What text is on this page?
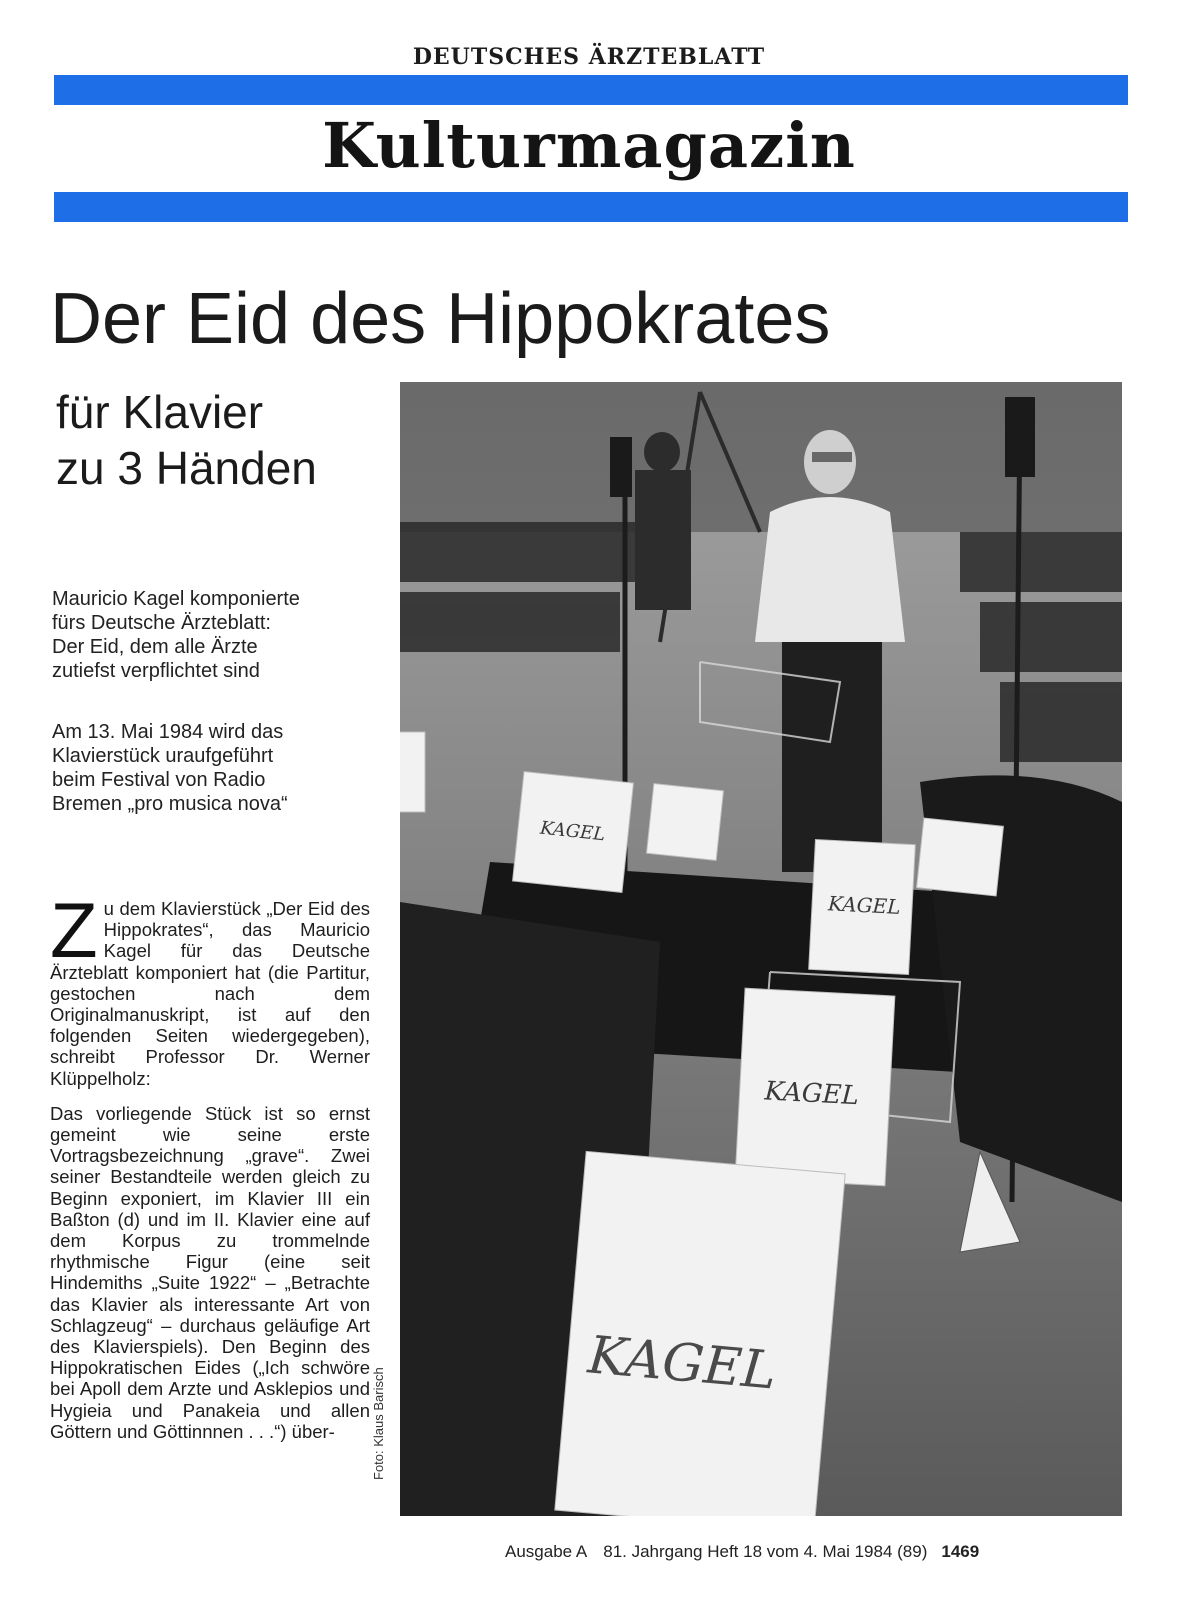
DEUTSCHES ÄRZTEBLATT
Kulturmagazin
Der Eid des Hippokrates
für Klavier
zu 3 Händen
Mauricio Kagel komponierte
fürs Deutsche Ärzteblatt:
Der Eid, dem alle Ärzte
zutiefst verpflichtet sind
Am 13. Mai 1984 wird das
Klavierstück uraufgeführt
beim Festival von Radio
Bremen „pro musica nova“

Z u dem Klavierstück „Der Eid des Hippokrates“, das Mauricio Kagel für das Deutsche Ärzteblatt komponiert hat (die Partitur, gestochen nach dem Originalmanuskript, ist auf den folgenden Seiten wiedergegeben), schreibt Professor Dr. Werner Klüppelholz:

Das vorliegende Stück ist so ernst gemeint wie seine erste Vortragsbezeichnung „grave“. Zwei seiner Bestandteile werden gleich zu Beginn exponiert, im Klavier III ein Baßton (d) und im II. Klavier eine auf dem Korpus zu trommelnde rhythmische Figur (eine seit Hindemiths „Suite 1922“ – „Betrachte das Klavier als interessante Art von Schlagzeug“ – durchaus geläufige Art des Klavierspiels). Den Beginn des Hippokratischen Eides („Ich schwöre bei Apoll dem Arzte und Asklepios und Hygieia und Panakeia und allen Göttern und Göttinnnen . . .“) über-	Foto: Klaus Barisch
KAGEL
KAGEL
KAGEL
KAGEL
Ausgabe A 81. Jahrgang Heft 18 vom 4. Mai 1984 (89) 1469
